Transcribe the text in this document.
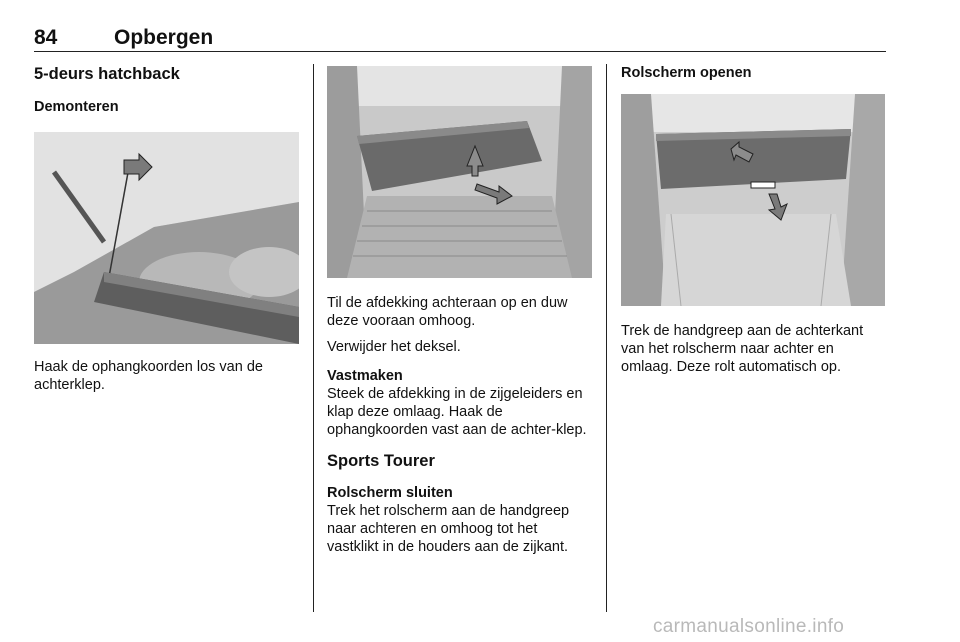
84	Opbergen
5-deurs hatchback
Demonteren

Haak de ophangkoorden los van de achterklep.

Til de afdekking achteraan op en duw deze vooraan omhoog.

Verwijder het deksel.

Vastmaken

Steek de afdekking in de zijgeleiders en klap deze omlaag. Haak de ophangkoorden vast aan de achter-klep.

Sports Tourer
Rolscherm sluiten

Trek het rolscherm aan de handgreep naar achteren en omhoog tot het vastklikt in de houders aan de zijkant.

Rolscherm openen

Trek de handgreep aan de achterkant van het rolscherm naar achter en omlaag. Deze rolt automatisch op.

carmanualsonline.info
